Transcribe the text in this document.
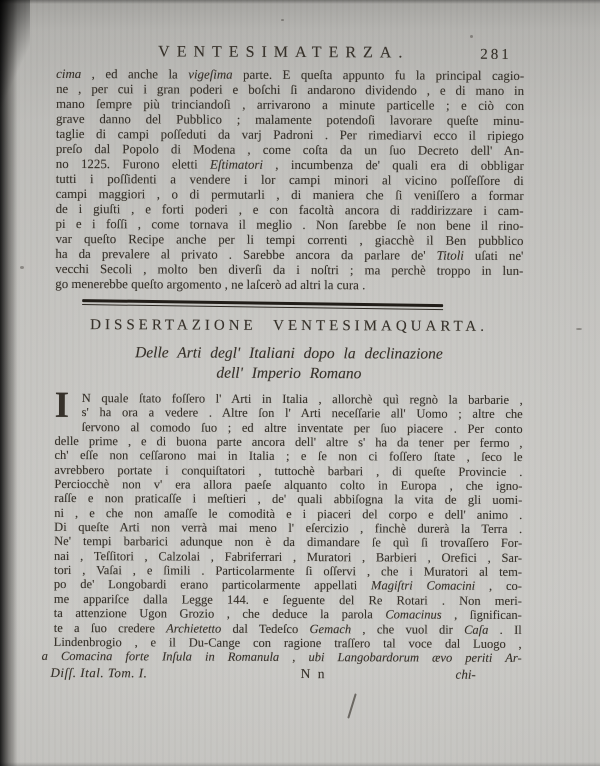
VENTESIMATERZA.	281
cima , ed anche la vigeſima parte. E queſta appunto fu la principal cagio-
ne , per cui i gran poderi e boſchi ſi andarono dividendo , e di mano in
mano ſempre più trinciandoſi , arrivarono a minute particelle ; e ciò con
grave danno del Pubblico ; malamente potendoſi lavorare queſte minu-
taglie di campi poſſeduti da varj Padroni . Per rimediarvi ecco il ripiego
preſo dal Popolo di Modena , come coſta da un ſuo Decreto dell' An-
no 1225. Furono eletti Eſtimatori , incumbenza de' quali era di obbligar
tutti i poſſidenti a vendere i lor campi minori al vicino poſſeſſore di
campi maggiori , o di permutarli , di maniera che ſi veniſſero a formar
de i giuſti , e forti poderi , e con facoltà ancora di raddirizzare i cam-
pi e i foſſi , come tornava il meglio . Non ſarebbe ſe non bene il rino-
var queſto Recipe anche per li tempi correnti , giacchè il Ben pubblico
ha da prevalere al privato . Sarebbe ancora da parlare de' Titoli uſati ne'
vecchi Secoli , molto ben diverſi da i noſtri ; ma perchè troppo in lun-
go menerebbe queſto argomento , ne laſcerò ad altri la cura .
DISSERTAZIONE VENTESIMAQUARTA.
Delle Arti degl' Italiani dopo la declinazione
dell' Imperio Romano
I	N quale ſtato foſſero l' Arti in Italia , allorchè quì regnò la barbarie ,
s' ha ora a vedere . Altre ſon l' Arti neceſſarie all' Uomo ; altre che
ſervono al comodo ſuo ; ed altre inventate per ſuo piacere . Per conto
delle prime , e di buona parte ancora dell' altre s' ha da tener per fermo ,
ch' eſſe non ceſſarono mai in Italia ; e ſe non ci foſſero ſtate , ſeco le
avrebbero portate i conquiſtatori , tuttochè barbari , di queſte Provincie .
Perciocchè non v' era allora paeſe alquanto colto in Europa , che igno-
raſſe e non praticaſſe i meſtieri , de' quali abbiſogna la vita de gli uomi-
ni , e che non amaſſe le comodità e i piaceri del corpo e dell' animo .
Di queſte Arti non verrà mai meno l' eſercizio , finchè durerà la Terra .
Ne' tempi barbarici adunque non è da dimandare ſe quì ſi trovaſſero For-
nai , Teſſitori , Calzolai , Fabriferrari , Muratori , Barbieri , Orefici , Sar-
tori , Vaſai , e ſimili . Particolarmente ſi oſſervi , che i Muratori al tem-
po de' Longobardi erano particolarmente appellati Magiſtri Comacini , co-
me appariſce dalla Legge 144. e ſeguente del Re Rotari . Non meri-
ta attenzione Ugon Grozio , che deduce la parola Comacinus , ſignifican-
te a ſuo credere Archietetto dal Tedeſco Gemach , che vuol dir Caſa . Il
Lindenbrogio , e il Du-Cange con ragione traſſero tal voce dal Luogo ,
a Comacina forte Inſula in Romanula , ubi Langobardorum ævo periti Ar-
Diſſ. Ital. Tom. I.	N n	chi-
